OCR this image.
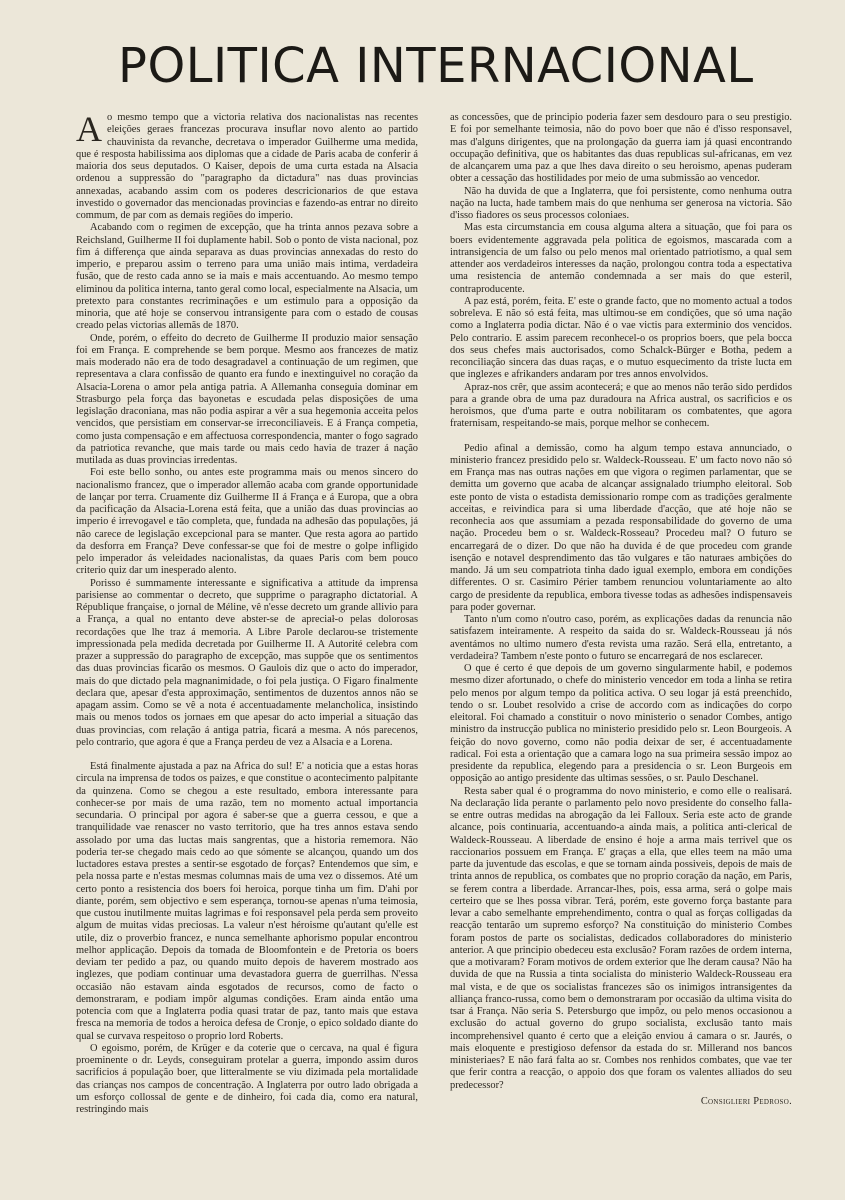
POLITICA INTERNACIONAL

Ao mesmo tempo que a victoria relativa dos nacionalistas nas recentes eleições geraes francezas procurava insuflar novo alento ao partido chauvinista da revanche, decretava o imperador Guilherme uma medida, que é resposta habilissima aos diplomas que a cidade de Paris acaba de conferir á maioria dos seus deputados. O Kaiser, depois de uma curta estada na Alsacia ordenou a suppressão do "paragrapho da dictadura" nas duas provincias annexadas, acabando assim com os poderes descricionarios de que estava investido o governador das mencionadas provincias e fazendo-as entrar no direito commum, de par com as demais regiões do imperio.

Acabando com o regimen de excepção, que ha trinta annos pezava sobre a Reichsland, Guilherme II foi duplamente habil. Sob o ponto de vista nacional, poz fim á differença que ainda separava as duas provincias annexadas do resto do imperio, e preparou assim o terreno para uma união mais intima, verdadeira fusão, que de resto cada anno se ia mais e mais accentuando. Ao mesmo tempo eliminou da politica interna, tanto geral como local, especialmente na Alsacia, um pretexto para constantes recriminações e um estimulo para a opposição da minoria, que até hoje se conservou intransigente para com o estado de cousas creado pelas victorias allemãs de 1870.

Onde, porém, o effeito do decreto de Guilherme II produzio maior sensação foi em França. E comprehende se bem porque. Mesmo aos francezes de matiz mais moderado não era de todo desagradavel a continuação de um regimen, que representava a clara confissão de quanto era fundo e inextinguivel no coração da Alsacia-Lorena o amor pela antiga patria. A Allemanha conseguia dominar em Strasburgo pela força das bayonetas e escudada pelas disposições de uma legislação draconiana, mas não podia aspirar a vêr a sua hegemonia acceita pelos vencidos, que persistiam em conservar-se irreconciliaveis. E á França competia, como justa compensação e em affectuosa correspondencia, manter o fogo sagrado da patriotica revanche, que mais tarde ou mais cedo havia de trazer á nação mutilada as duas provincias irredentas.

Foi este bello sonho, ou antes este programma mais ou menos sincero do nacionalismo francez, que o imperador allemão acaba com grande opportunidade de lançar por terra. Cruamente diz Guilherme II á França e á Europa, que a obra da pacificação da Alsacia-Lorena está feita, que a união das duas provincias ao imperio é irrevogavel e tão completa, que, fundada na adhesão das populações, já não carece de legislação excepcional para se manter. Que resta agora ao partido da desforra em França? Deve confessar-se que foi de mestre o golpe infligido pelo imperador ás veleidades nacionalistas, da quaes Paris com bem pouco criterio quiz dar um inesperado alento.

Porisso é summamente interessante e significativa a attitude da imprensa parisiense ao commentar o decreto, que supprime o paragrapho dictatorial. A République française, o jornal de Méline, vê n'esse decreto um grande allivio para a França, a qual no entanto deve abster-se de apreciał-o pelas dolorosas recordações que lhe traz á memoria. A Libre Parole declarou-se tristemente impressionada pela medida decretada por Guilherme II. A Autorité celebra com prazer a suppressão do paragrapho de excepção, mas suppõe que os sentimentos das duas provincias ficarão os mesmos. O Gaulois diz que o acto do imperador, mais do que dictado pela magnanimidade, o foi pela justiça. O Figaro finalmente declara que, apesar d'esta approximação, sentimentos de duzentos annos não se apagam assim. Como se vê a nota é accentuadamente melancholica, insistindo mais ou menos todos os jornaes em que apesar do acto imperial a situação das duas provincias, com relação á antiga patria, ficará a mesma. A nós parecenos, pelo contrario, que agora é que a França perdeu de vez a Alsacia e a Lorena.

Está finalmente ajustada a paz na Africa do sul! E' a noticia que a estas horas circula na imprensa de todos os paizes, e que constitue o acontecimento palpitante da quinzena. Como se chegou a este resultado, embora interessante para conhecer-se por mais de uma razão, tem no momento actual importancia secundaria. O principal por agora é saber-se que a guerra cessou, e que a tranquilidade vae renascer no vasto territorio, que ha tres annos estava sendo assolado por uma das luctas mais sangrentas, que a historia rememora. Não poderia ter-se chegado mais cedo ao que sómente se alcançou, quando um dos luctadores estava prestes a sentir-se esgotado de forças? Entendemos que sim, e pela nossa parte e n'estas mesmas columnas mais de uma vez o dissemos. Até um certo ponto a resistencia dos boers foi heroica, porque tinha um fim. D'ahi por diante, porém, sem objectivo e sem esperança, tornou-se apenas n'uma teimosia, que custou inutilmente muitas lagrimas e foi responsavel pela perda sem proveito algum de muitas vidas preciosas. La valeur n'est héroisme qu'autant qu'elle est utile, diz o proverbio francez, e nunca semelhante aphorismo popular encontrou melhor applicação. Depois da tomada de Bloomfontein e de Pretoria os boers deviam ter pedido a paz, ou quando muito depois de haverem mostrado aos inglezes, que podiam continuar uma devastadora guerra de guerrilhas. N'essa occasião não estavam ainda esgotados de recursos, como de facto o demonstraram, e podiam impôr algumas condições. Eram ainda então uma potencia com que a Inglaterra podia quasi tratar de paz, tanto mais que estava fresca na memoria de todos a heroica defesa de Cronje, o epico soldado diante do qual se curvava respeitoso o proprio lord Roberts.

O egoismo, porém, de Krüger e da coterie que o cercava, na qual é figura proeminente o dr. Leyds, conseguiram protelar a guerra, impondo assim duros sacrificios á população boer, que litteralmente se viu dizimada pela mortalidade das crianças nos campos de concentração. A Inglaterra por outro lado obrigada a um esforço collossal de gente e de dinheiro, foi cada dia, como era natural, restringindo mais

as concessões, que de principio poderia fazer sem desdouro para o seu prestigio. E foi por semelhante teimosia, não do povo boer que não é d'isso responsavel, mas d'alguns dirigentes, que na prolongação da guerra iam já quasi encontrando occupação definitiva, que os habitantes das duas republicas sul-africanas, em vez de alcançarem uma paz a que lhes dava direito o seu heroismo, apenas puderam obter a cessação das hostilidades por meio de uma submissão ao vencedor.

Não ha duvida de que a Inglaterra, que foi persistente, como nenhuma outra nação na lucta, hade tambem mais do que nenhuma ser generosa na victoria. São d'isso fiadores os seus processos coloniaes.

Mas esta circumstancia em cousa alguma altera a situação, que foi para os boers evidentemente aggravada pela politica de egoismos, mascarada com a intransigencia de um falso ou pelo menos mal orientado patriotismo, a qual sem attender aos verdadeiros interesses da nação, prolongou contra toda a espectativa uma resistencia de antemão condemnada a ser mais do que esteril, contraproducente.

A paz está, porém, feita. E' este o grande facto, que no momento actual a todos sobreleva. E não só está feita, mas ultimou-se em condições, que só uma nação como a Inglaterra podia dictar. Não é o vae victis para exterminio dos vencidos. Pelo contrario. E assim parecem reconhecel-o os proprios boers, que pela bocca dos seus chefes mais auctorisados, como Schalck-Bürger e Botha, pedem a reconciliação sincera das duas raças, e o mutuo esquecimento da triste lucta em que inglezes e afrikanders andaram por tres annos envolvidos.

Apraz-nos crêr, que assim acontecerá; e que ao menos não terão sido perdidos para a grande obra de uma paz duradoura na Africa austral, os sacrificios e os heroismos, que d'uma parte e outra nobilitaram os combatentes, que agora fraternisam, respeitando-se mais, porque melhor se conhecem.

Pedio afinal a demissão, como ha algum tempo estava annunciado, o ministerio francez presidido pelo sr. Waldeck-Rousseau. E' um facto novo não só em França mas nas outras nações em que vigora o regimen parlamentar, que se demitta um governo que acaba de alcançar assignalado triumpho eleitoral. Sob este ponto de vista o estadista demissionario rompe com as tradições geralmente acceitas, e reivindica para si uma liberdade d'acção, que até hoje não se reconhecia aos que assumiam a pezada responsabilidade do governo de uma nação. Procedeu bem o sr. Waldeck-Rosseau? Procedeu mal? O futuro se encarregará de o dizer. Do que não ha duvida é de que procedeu com grande isenção e notavel desprendimento das tão vulgares e tão naturaes ambições do mando. Já um seu compatriota tinha dado igual exemplo, embora em condições differentes. O sr. Casimiro Périer tambem renunciou voluntariamente ao alto cargo de presidente da republica, embora tivesse todas as adhesões indispensaveis para poder governar.

Tanto n'um como n'outro caso, porém, as explicações dadas da renuncia não satisfazem inteiramente. A respeito da saida do sr. Waldeck-Rousseau já nós aventámos no ultimo numero d'esta revista uma razão. Será ella, entretanto, a verdadeira? Tambem n'este ponto o futuro se encarregará de nos esclarecer.

O que é certo é que depois de um governo singularmente habil, e podemos mesmo dizer afortunado, o chefe do ministerio vencedor em toda a linha se retira pelo menos por algum tempo da politica activa. O seu logar já está preenchido, tendo o sr. Loubet resolvido a crise de accordo com as indicações do corpo eleitoral. Foi chamado a constituir o novo ministerio o senador Combes, antigo ministro da instrucção publica no ministerio presidido pelo sr. Leon Bourgeois. A feição do novo governo, como não podia deixar de ser, é accentuadamente radical. Foi esta a orientação que a camara logo na sua primeira sessão impoz ao presidente da republica, elegendo para a presidencia o sr. Leon Burgeois em opposição ao antigo presidente das ultimas sessões, o sr. Paulo Deschanel.

Resta saber qual é o programma do novo ministerio, e como elle o realisará. Na declaração lida perante o parlamento pelo novo presidente do conselho falla-se entre outras medidas na abrogação da lei Falloux. Seria este acto de grande alcance, pois continuaria, accentuando-a ainda mais, a politica anti-clerical de Waldeck-Rousseau. A liberdade de ensino é hoje a arma mais terrivel que os raccionarios possuem em França. E' graças a ella, que elles teem na mão uma parte da juventude das escolas, e que se tornam ainda possiveis, depois de mais de trinta annos de republica, os combates que no proprio coração da nação, em Paris, se ferem contra a liberdade. Arrancar-lhes, pois, essa arma, será o golpe mais certeiro que se lhes possa vibrar. Terá, porém, este governo força bastante para levar a cabo semelhante emprehendimento, contra o qual as forças colligadas da reacção tentarão um supremo esforço? Na constituição do ministerio Combes foram postos de parte os socialistas, dedicados collaboradores do ministerio anterior. A que principio obedeceu esta exclusão? Foram razões de ordem interna, que a motivaram? Foram motivos de ordem exterior que lhe deram causa? Não ha duvida de que na Russia a tinta socialista do ministerio Waldeck-Rousseau era mal vista, e de que os socialistas francezes são os inimigos intransigentes da alliança franco-russa, como bem o demonstraram por occasião da ultima visita do tsar á França. Não seria S. Petersburgo que impôz, ou pelo menos occasionou a exclusão do actual governo do grupo socialista, exclusão tanto mais incomprehensivel quanto é certo que a eleição enviou á camara o sr. Jaurés, o mais eloquente e prestigioso defensor da estada do sr. Millerand nos bancos ministeriaes? E não fará falta ao sr. Combes nos renhidos combates, que vae ter que ferir contra a reacção, o appoio dos que foram os valentes alliados do seu predecessor?

Consiglieri Pedroso.
